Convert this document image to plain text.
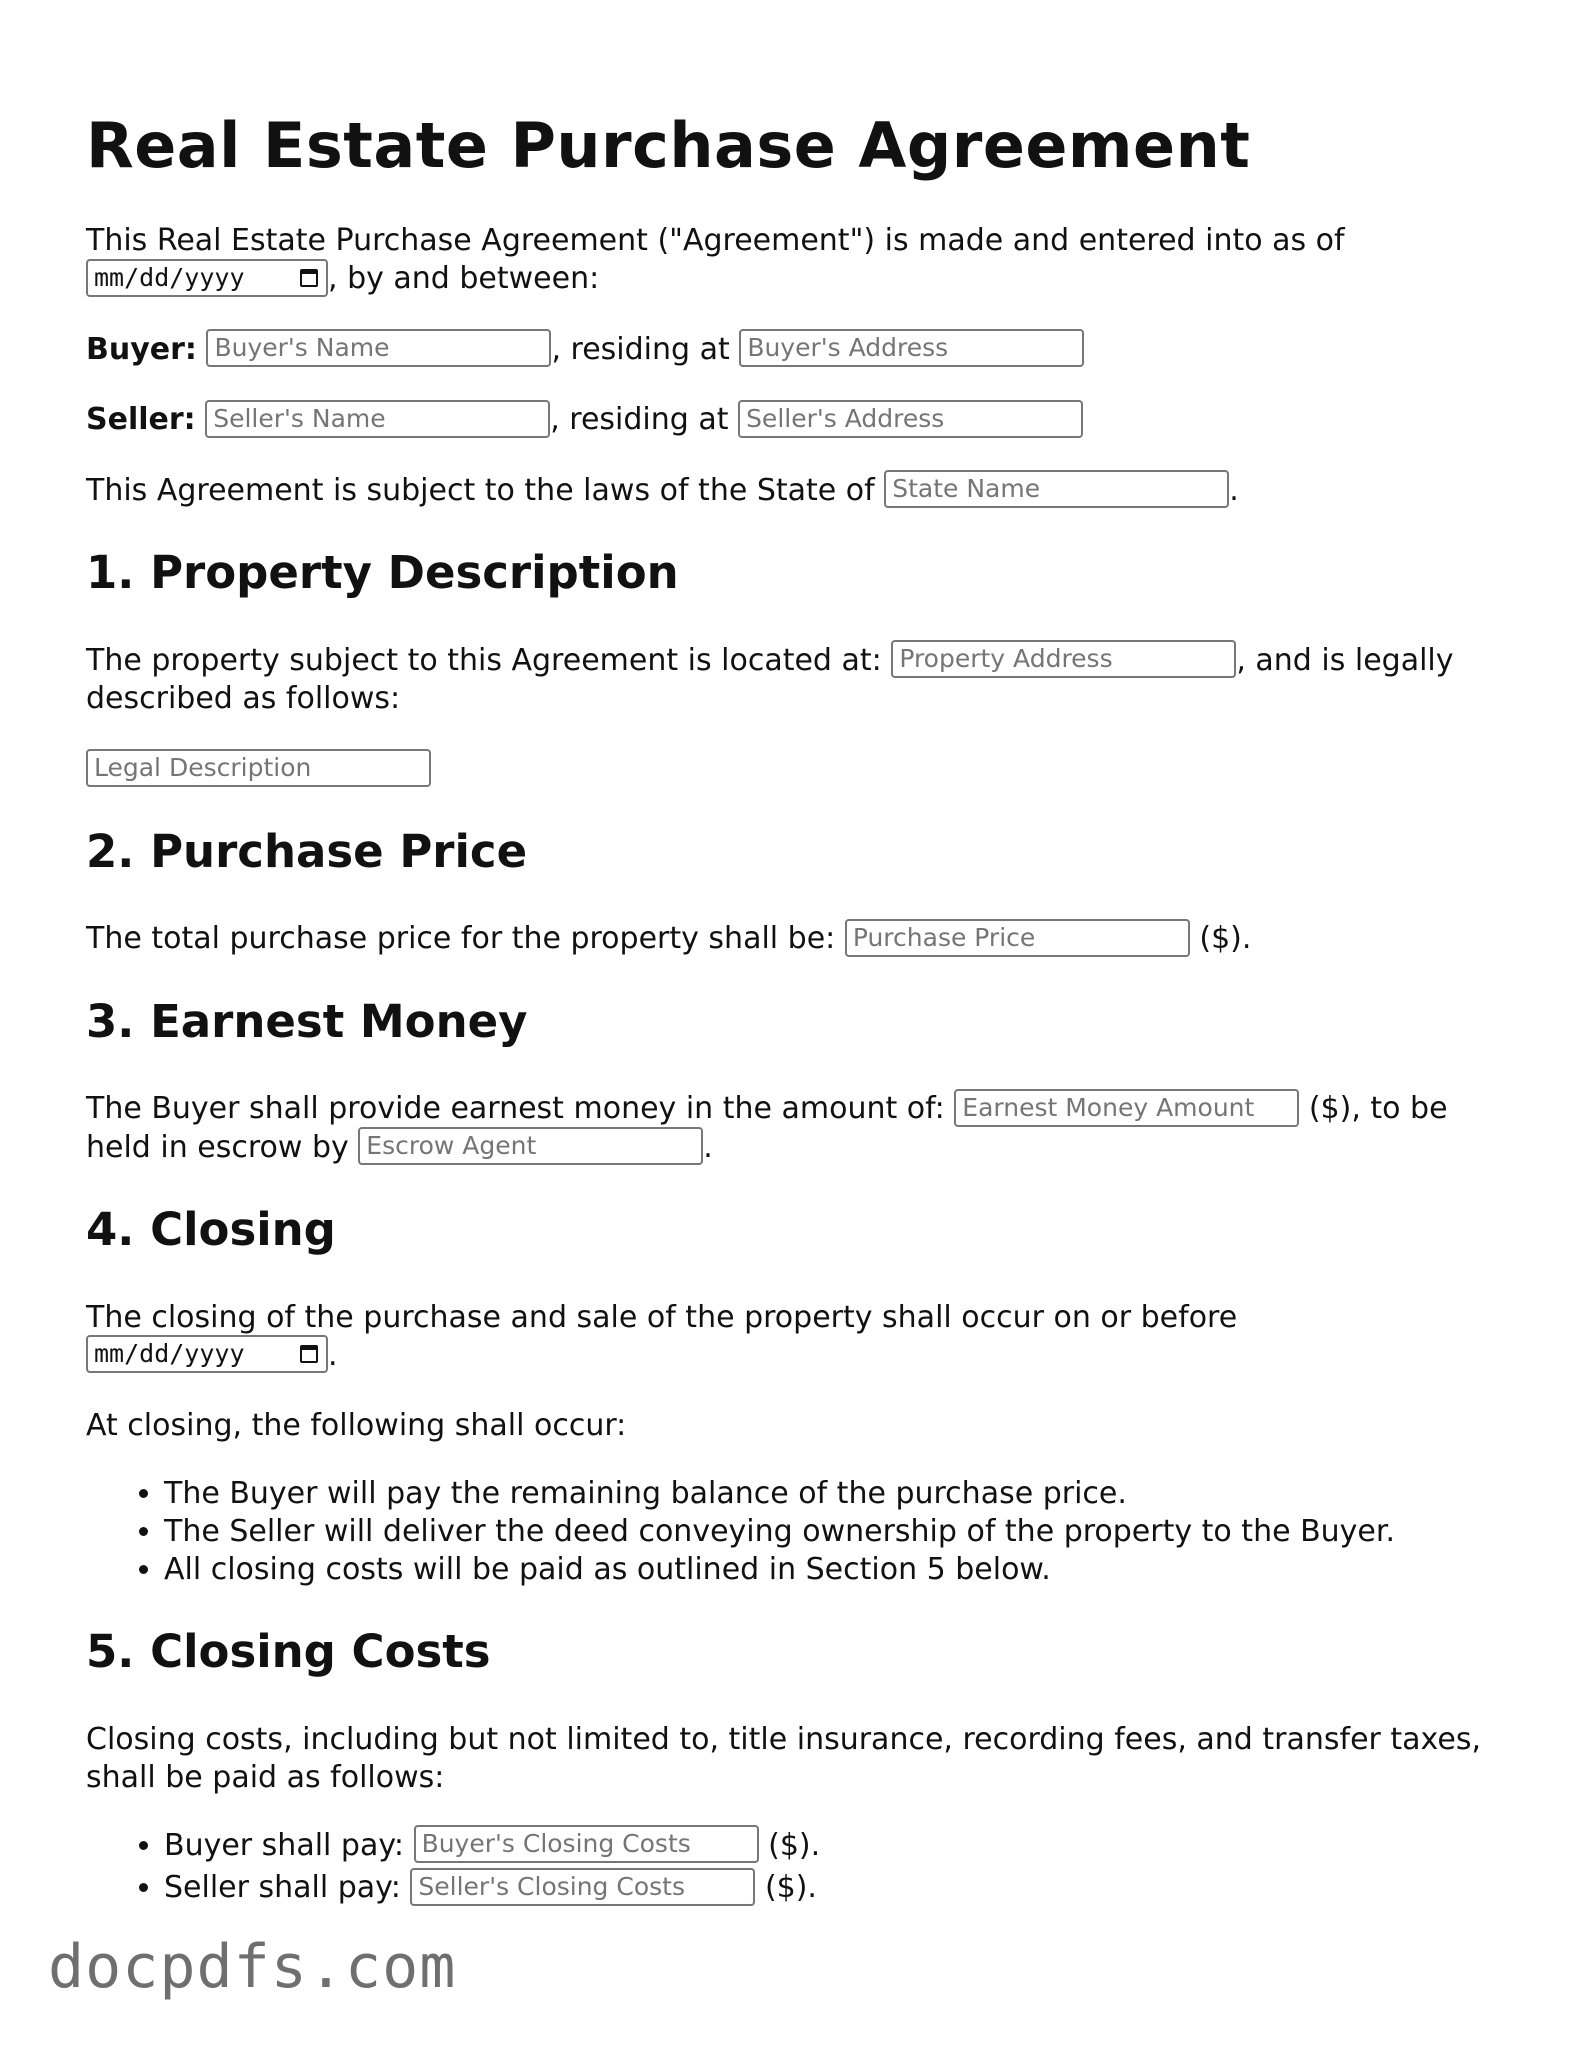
Real Estate Purchase Agreement

This Real Estate Purchase Agreement ("Agreement") is made and entered into as of
mm/dd/yyyy	, by and between:

Buyer: Buyer's Name	, residing at Buyer's Address

Seller: Seller's Name	, residing at Seller's Address

This Agreement is subject to the laws of the State of State Name	.

1. Property Description

The property subject to this Agreement is located at: Property Address	, and is legally described as follows:

Legal Description

2. Purchase Price

The total purchase price for the property shall be: Purchase Price	($).

3. Earnest Money

The Buyer shall provide earnest money in the amount of: Earnest Money Amount ($), to be held in escrow by Escrow Agent	.

4. Closing

The closing of the purchase and sale of the property shall occur on or before
mm/dd/yyyy	.

At closing, the following shall occur:

• The Buyer will pay the remaining balance of the purchase price.
• The Seller will deliver the deed conveying ownership of the property to the Buyer.
• All closing costs will be paid as outlined in Section 5 below.
5. Closing Costs

Closing costs, including but not limited to, title insurance, recording fees, and transfer taxes, shall be paid as follows:

• Buyer shall pay: Buyer's Closing Costs	($).
• Seller shall pay: Seller's Closing Costs	($).
docpdfs.com
